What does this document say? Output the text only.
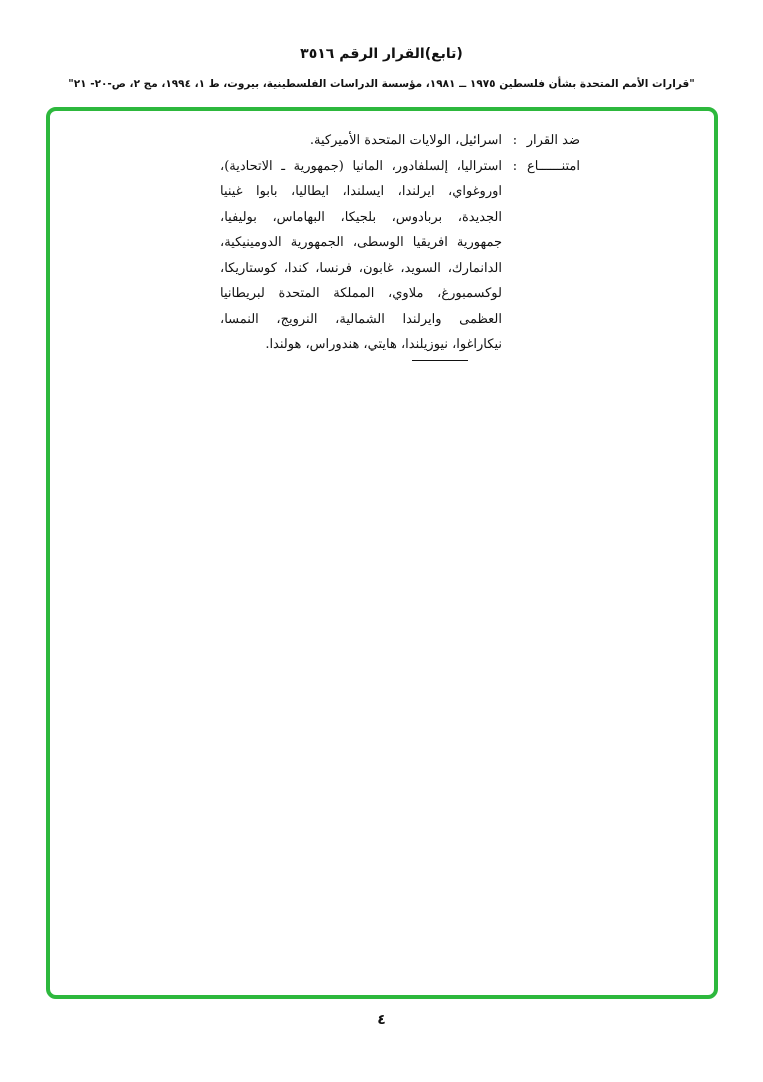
(تابع)القرار الرقم ٣٥١٦
"قرارات الأمم المتحدة بشأن فلسطين ١٩٧٥ ــ ١٩٨١، مؤسسة الدراسات الفلسطينية، بيروت، ط ١، ١٩٩٤، مج ٢، ص-٢٠- ٢١"
ضد القرار
:
اسرائيل، الولايات المتحدة الأميركية.
امتنــــــاع
:
استراليا، إلسلفادور، المانيا (جمهورية ـ الاتحادية)، اوروغواي، ايرلندا، ايسلندا، ايطاليا، بابوا غينيا الجديدة، بربادوس، بلجيكا، البهاماس، بوليفيا، جمهورية افريقيا الوسطى، الجمهورية الدومينيكية، الدانمارك، السويد، غابون، فرنسا، كندا، كوستاريكا، لوكسمبورغ، ملاوي، المملكة المتحدة لبريطانيا العظمى وايرلندا الشمالية، النرويج، النمسا، نيكاراغوا، نيوزيلندا، هايتي، هندوراس، هولندا.
٤
